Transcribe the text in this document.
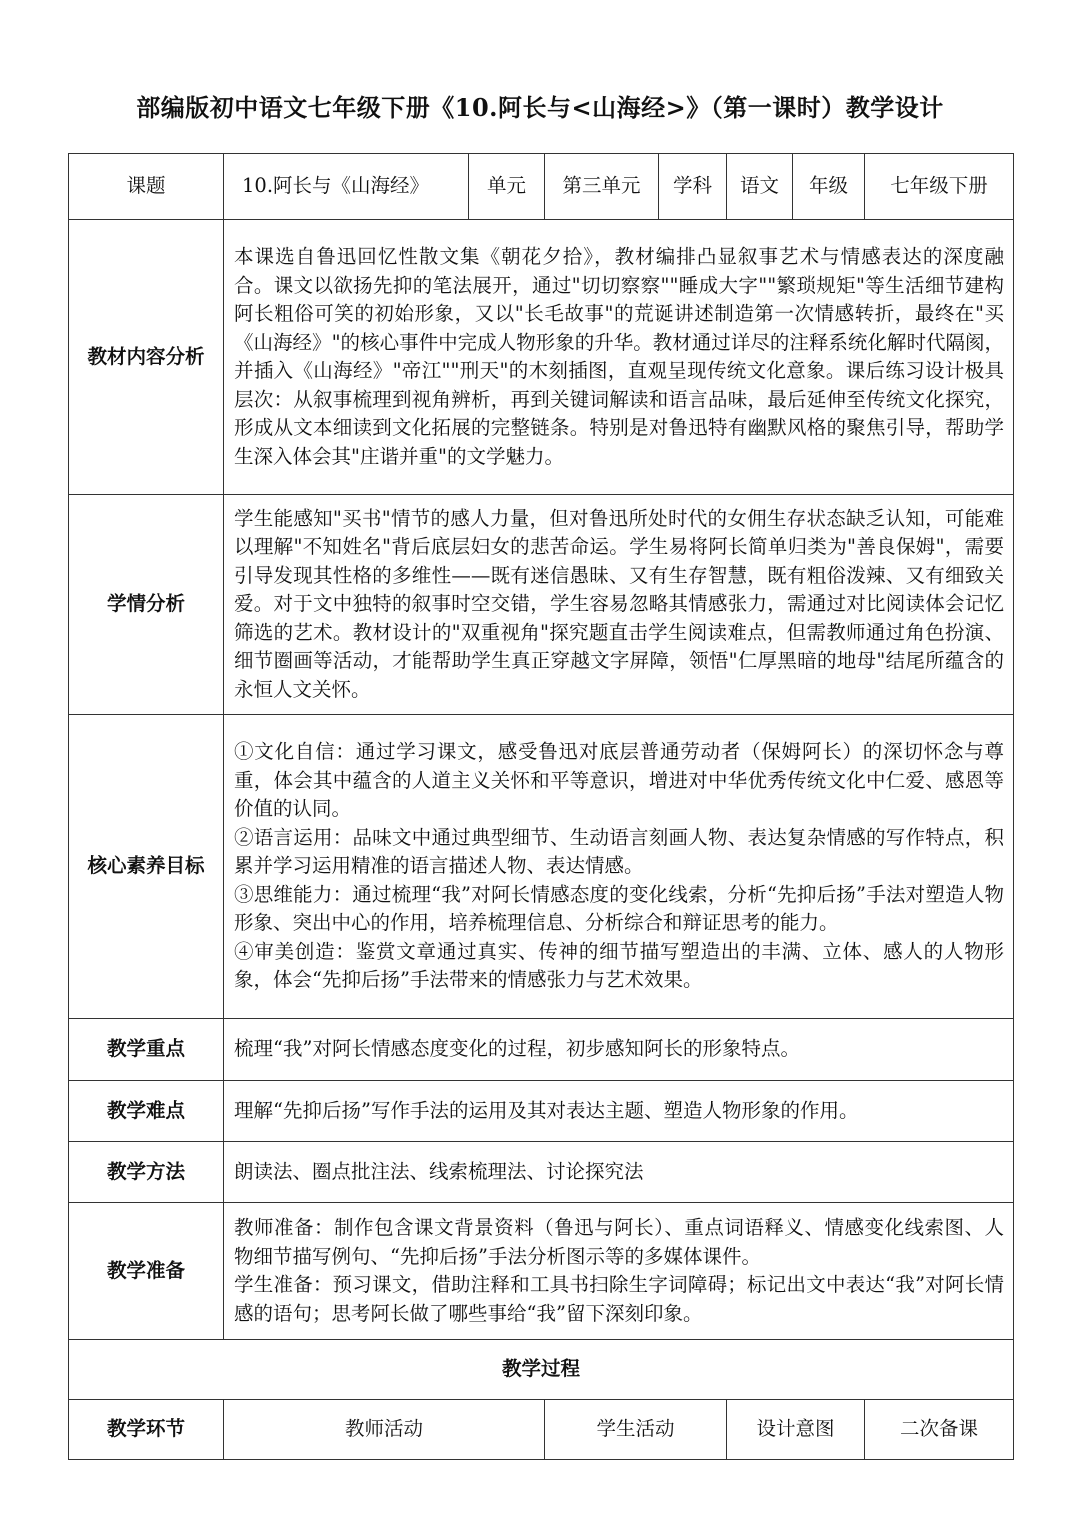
部编版初中语文七年级下册《10.阿长与<山海经>》（第一课时）教学设计
课题	10.阿长与《山海经》	单元	第三单元	学科	语文	年级	七年级下册
教材内容分析	本课选自鲁迅回忆性散文集《朝花夕拾》，教材编排凸显叙事艺术与情感表达的深度融合。课文以欲扬先抑的笔法展开，通过"切切察察""睡成大字""繁琐规矩"等生活细节建构阿长粗俗可笑的初始形象，又以"长毛故事"的荒诞讲述制造第一次情感转折，最终在"买《山海经》"的核心事件中完成人物形象的升华。教材通过详尽的注释系统化解时代隔阂，并插入《山海经》"帝江""刑天"的木刻插图，直观呈现传统文化意象。课后练习设计极具层次：从叙事梳理到视角辨析，再到关键词解读和语言品味，最后延伸至传统文化探究，形成从文本细读到文化拓展的完整链条。特别是对鲁迅特有幽默风格的聚焦引导，帮助学生深入体会其"庄谐并重"的文学魅力。						
学情分析	学生能感知"买书"情节的感人力量，但对鲁迅所处时代的女佣生存状态缺乏认知，可能难以理解"不知姓名"背后底层妇女的悲苦命运。学生易将阿长简单归类为"善良保姆"，需要引导发现其性格的多维性——既有迷信愚昧、又有生存智慧，既有粗俗泼辣、又有细致关爱。对于文中独特的叙事时空交错，学生容易忽略其情感张力，需通过对比阅读体会记忆筛选的艺术。教材设计的"双重视角"探究题直击学生阅读难点，但需教师通过角色扮演、细节圈画等活动，才能帮助学生真正穿越文字屏障，领悟"仁厚黑暗的地母"结尾所蕴含的永恒人文关怀。						
核心素养目标	①文化自信：通过学习课文，感受鲁迅对底层普通劳动者（保姆阿长）的深切怀念与尊重，体会其中蕴含的人道主义关怀和平等意识，增进对中华优秀传统文化中仁爱、感恩等价值的认同。
②语言运用：品味文中通过典型细节、生动语言刻画人物、表达复杂情感的写作特点，积累并学习运用精准的语言描述人物、表达情感。
③思维能力：通过梳理“我”对阿长情感态度的变化线索，分析“先抑后扬”手法对塑造人物形象、突出中心的作用，培养梳理信息、分析综合和辩证思考的能力。
④审美创造：鉴赏文章通过真实、传神的细节描写塑造出的丰满、立体、感人的人物形象，体会“先抑后扬”手法带来的情感张力与艺术效果。						

教学重点	梳理“我”对阿长情感态度变化的过程，初步感知阿长的形象特点。						
教学难点	理解“先抑后扬”写作手法的运用及其对表达主题、塑造人物形象的作用。						
教学方法	朗读法、圈点批注法、线索梳理法、讨论探究法						
教学准备	教师准备：制作包含课文背景资料（鲁迅与阿长）、重点词语释义、情感变化线索图、人物细节描写例句、“先抑后扬”手法分析图示等的多媒体课件。
学生准备：预习课文，借助注释和工具书扫除生字词障碍；标记出文中表达“我”对阿长情感的语句；思考阿长做了哪些事给“我”留下深刻印象。						

教学过程							
教学环节	教师活动		学生活动		设计意图		二次备课
